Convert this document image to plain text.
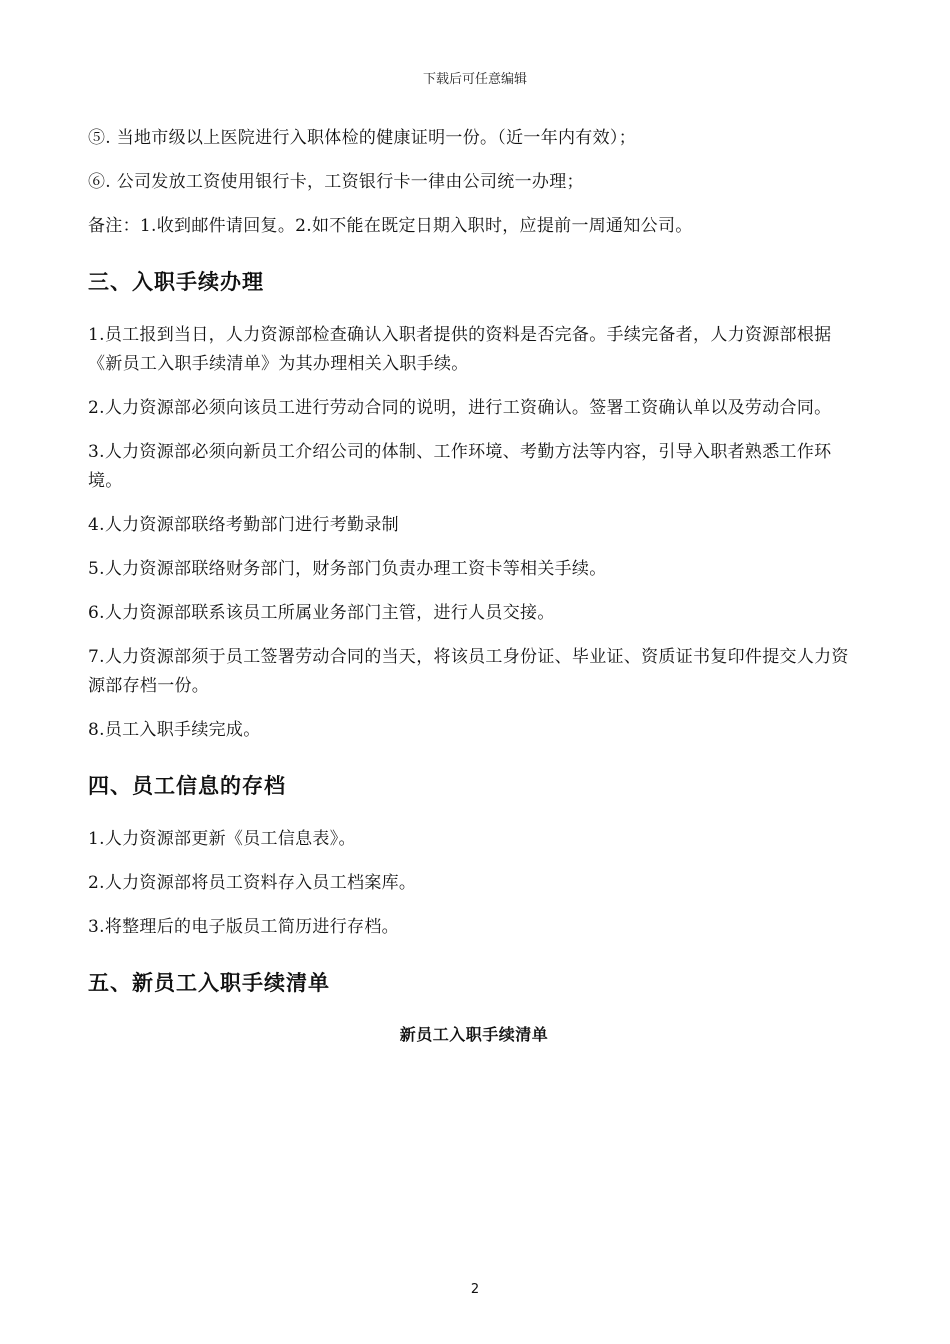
下载后可任意编辑

⑤. 当地市级以上医院进行入职体检的健康证明一份。（近一年内有效）；

⑥. 公司发放工资使用银行卡，工资银行卡一律由公司统一办理；

备注：1.收到邮件请回复。2.如不能在既定日期入职时，应提前一周通知公司。

三、入职手续办理

1.员工报到当日，人力资源部检查确认入职者提供的资料是否完备。手续完备者，人力资源部根据《新员工入职手续清单》为其办理相关入职手续。

2.人力资源部必须向该员工进行劳动合同的说明，进行工资确认。签署工资确认单以及劳动合同。

3.人力资源部必须向新员工介绍公司的体制、工作环境、考勤方法等内容，引导入职者熟悉工作环境。

4.人力资源部联络考勤部门进行考勤录制

5.人力资源部联络财务部门，财务部门负责办理工资卡等相关手续。

6.人力资源部联系该员工所属业务部门主管，进行人员交接。

7.人力资源部须于员工签署劳动合同的当天，将该员工身份证、毕业证、资质证书复印件提交人力资源部存档一份。

8.员工入职手续完成。

四、员工信息的存档

1.人力资源部更新《员工信息表》。

2.人力资源部将员工资料存入员工档案库。

3.将整理后的电子版员工简历进行存档。

五、新员工入职手续清单
新员工入职手续清单
2
